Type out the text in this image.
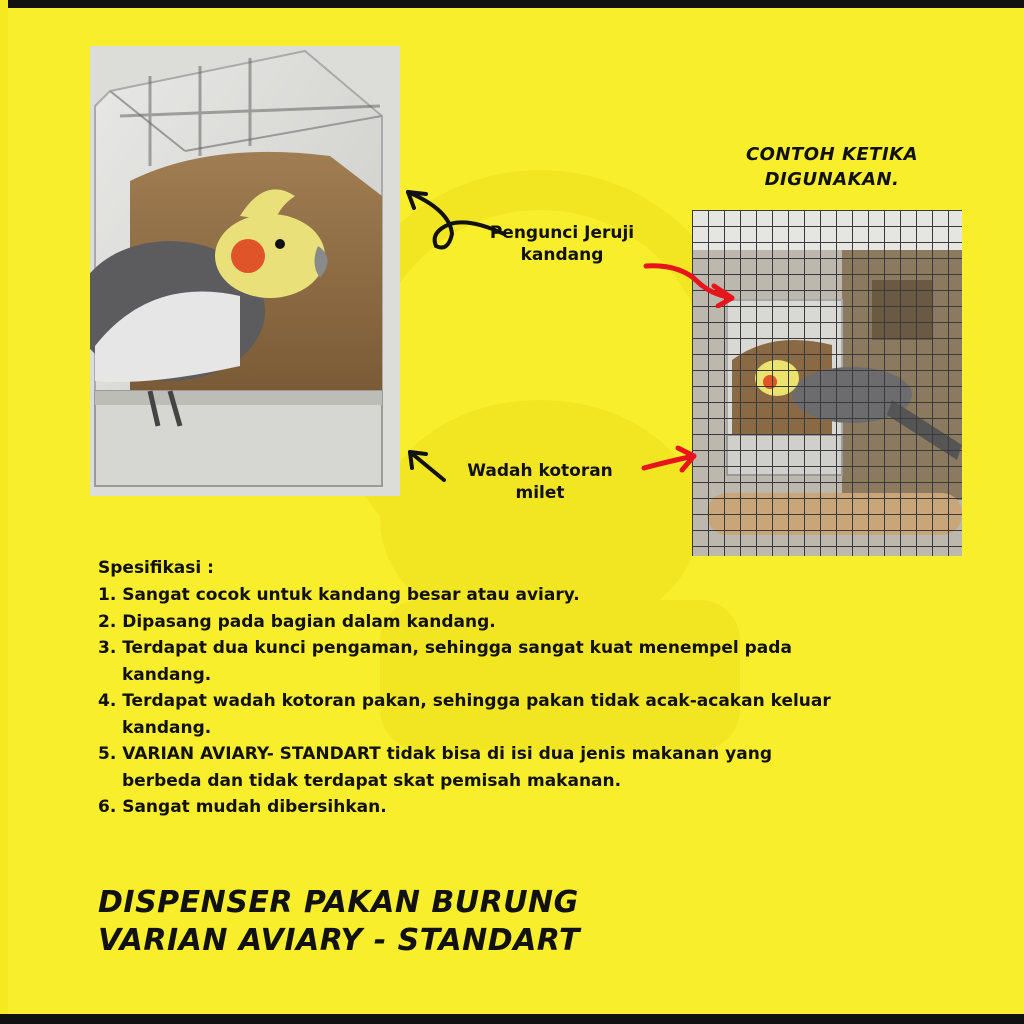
Pengunci Jeruji kandang
Wadah kotoran milet
CONTOH KETIKA DIGUNAKAN.

Spesifikasi :

1. Sangat cocok untuk kandang besar atau aviary.
2. Dipasang pada bagian dalam kandang.
3. Terdapat dua kunci pengaman, sehingga sangat kuat menempel pada kandang.
4. Terdapat wadah kotoran pakan, sehingga pakan tidak acak-acakan keluar kandang.
5. VARIAN AVIARY- STANDART tidak bisa di isi dua jenis makanan yang berbeda dan tidak terdapat skat pemisah makanan.
6. Sangat mudah dibersihkan.
DISPENSER PAKAN BURUNG
VARIAN AVIARY - STANDART
